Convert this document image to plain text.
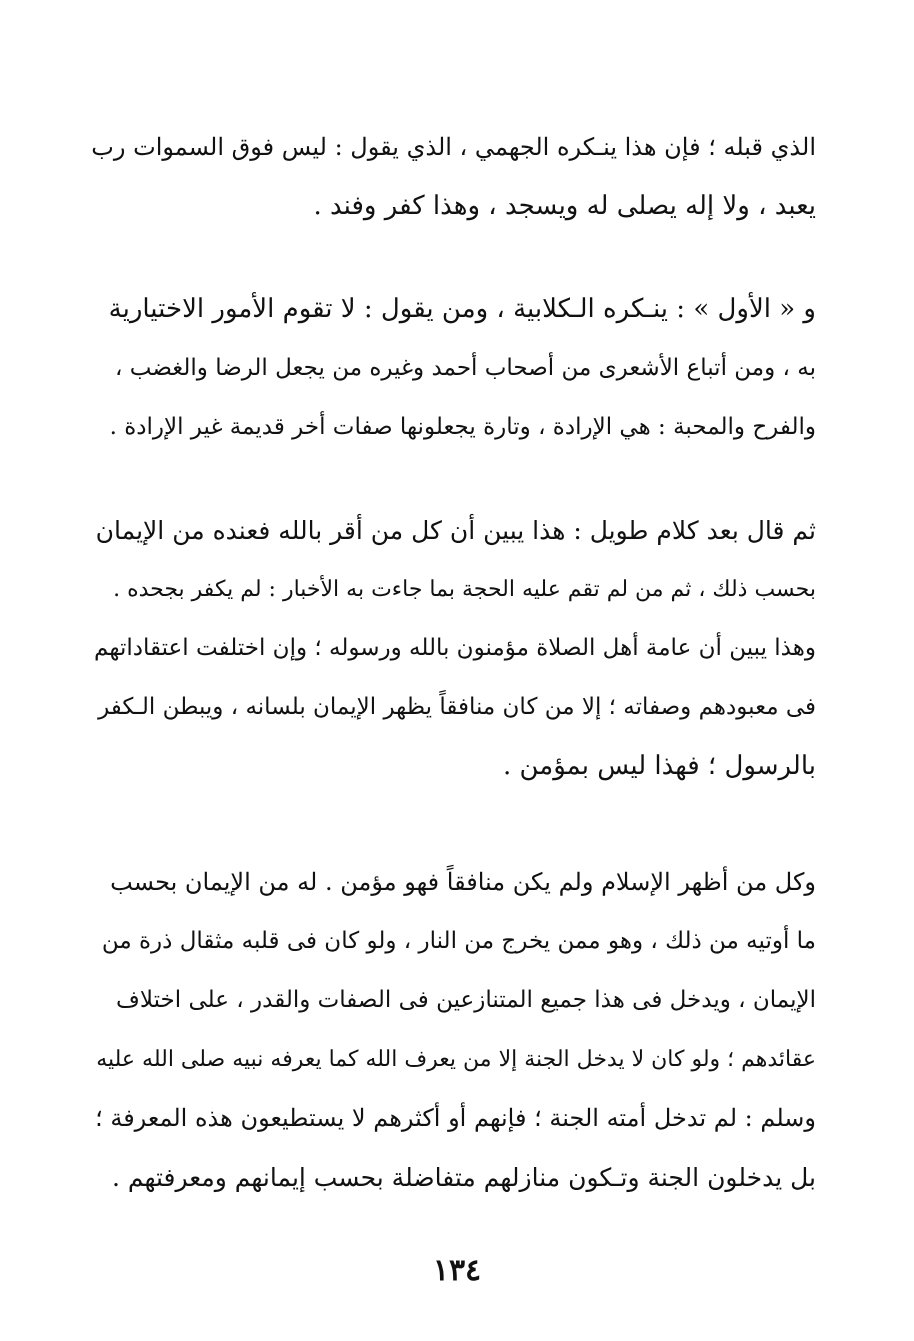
الذي قبله ؛ فإن هذا ينـكره الجهمي ، الذي يقول : ليس فوق السموات رب
يعبد ، ولا إله يصلى له ويسجد ، وهذا كفر وفند .
و « الأول » : ينـكره الـكلابية ، ومن يقول : لا تقوم الأمور الاختيارية
به ، ومن أتباع الأشعرى من أصحاب أحمد وغيره من يجعل الرضا والغضب ،
والفرح والمحبة : هي الإرادة ، وتارة يجعلونها صفات أخر قديمة غير الإرادة .
ثم قال بعد كلام طويل : هذا يبين أن كل من أقر بالله فعنده من الإيمان
بحسب ذلك ، ثم من لم تقم عليه الحجة بما جاءت به الأخبار : لم يكفر بجحده .
وهذا يبين أن عامة أهل الصلاة مؤمنون بالله ورسوله ؛ وإن اختلفت اعتقاداتهم
فى معبودهم وصفاته ؛ إلا من كان منافقاً يظهر الإيمان بلسانه ، ويبطن الـكفر
بالرسول ؛ فهذا ليس بمؤمن .
وكل من أظهر الإسلام ولم يكن منافقاً فهو مؤمن . له من الإيمان بحسب
ما أوتيه من ذلك ، وهو ممن يخرج من النار ، ولو كان فى قلبه مثقال ذرة من
الإيمان ، ويدخل فى هذا جميع المتنازعين فى الصفات والقدر ، على اختلاف
عقائدهم ؛ ولو كان لا يدخل الجنة إلا من يعرف الله كما يعرفه نبيه صلى الله عليه
وسلم : لم تدخل أمته الجنة ؛ فإنهم أو أكثرهم لا يستطيعون هذه المعرفة ؛
بل يدخلون الجنة وتـكون منازلهم متفاضلة بحسب إيمانهم ومعرفتهم .
١٣٤
